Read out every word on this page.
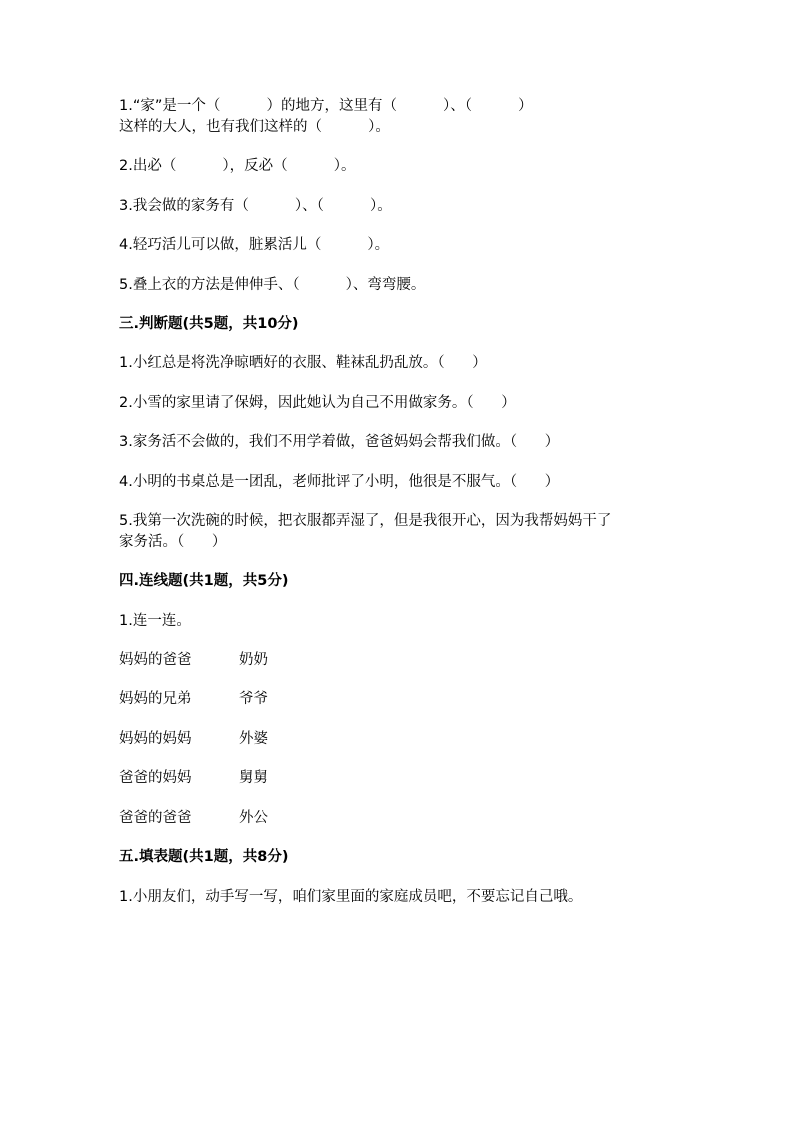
1.“家”是一个（          ）的地方，这里有（          ）、（          ）

这样的大人，也有我们这样的（          ）。

2.出必（          ），反必（          ）。

3.我会做的家务有（          ）、（          ）。

4.轻巧活儿可以做，脏累活儿（          ）。

5.叠上衣的方法是伸伸手、（          ）、弯弯腰。

三.判断题(共5题，共10分)

1.小红总是将洗净晾晒好的衣服、鞋袜乱扔乱放。（      ）

2.小雪的家里请了保姆，因此她认为自己不用做家务。（      ）

3.家务活不会做的，我们不用学着做，爸爸妈妈会帮我们做。（      ）

4.小明的书桌总是一团乱，老师批评了小明，他很是不服气。（      ）

5.我第一次洗碗的时候，把衣服都弄湿了，但是我很开心，因为我帮妈妈干了

家务活。（      ）

四.连线题(共1题，共5分)

1.连一连。

妈妈的爸爸	奶奶
妈妈的兄弟	爷爷
妈妈的妈妈	外婆
爸爸的妈妈	舅舅
爸爸的爸爸	外公

五.填表题(共1题，共8分)

1.小朋友们，动手写一写，咱们家里面的家庭成员吧，不要忘记自己哦。
